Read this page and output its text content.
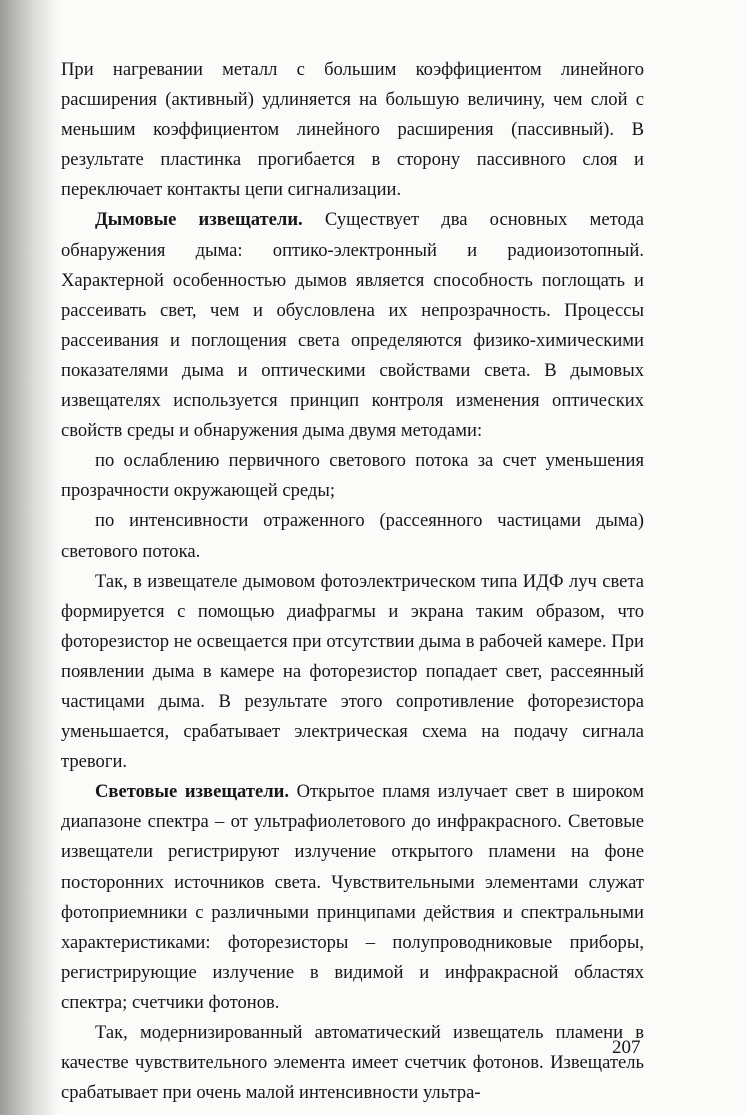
При нагревании металл с большим коэффициентом линейного расширения (активный) удлиняется на большую величину, чем слой с меньшим коэффициентом линейного расширения (пассивный). В результате пластинка прогибается в сторону пассивного слоя и переключает контакты цепи сигнализации.

Дымовые извещатели. Существует два основных метода обнаружения дыма: оптико-электронный и радиоизотопный. Характерной особенностью дымов является способность поглощать и рассеивать свет, чем и обусловлена их непрозрачность. Процессы рассеивания и поглощения света определяются физико-химическими показателями дыма и оптическими свойствами света. В дымовых извещателях используется принцип контроля изменения оптических свойств среды и обнаружения дыма двумя методами:

по ослаблению первичного светового потока за счет уменьшения прозрачности окружающей среды;

по интенсивности отраженного (рассеянного частицами дыма) светового потока.

Так, в извещателе дымовом фотоэлектрическом типа ИДФ луч света формируется с помощью диафрагмы и экрана таким образом, что фоторезистор не освещается при отсутствии дыма в рабочей камере. При появлении дыма в камере на фоторезистор попадает свет, рассеянный частицами дыма. В результате этого сопротивление фоторезистора уменьшается, срабатывает электрическая схема на подачу сигнала тревоги.

Световые извещатели. Открытое пламя излучает свет в широком диапазоне спектра – от ультрафиолетового до инфракрасного. Световые извещатели регистрируют излучение открытого пламени на фоне посторонних источников света. Чувствительными элементами служат фотоприемники с различными принципами действия и спектральными характеристиками: фоторезисторы – полупроводниковые приборы, регистрирующие излучение в видимой и инфракрасной областях спектра; счетчики фотонов.

Так, модернизированный автоматический извещатель пламени в качестве чувствительного элемента имеет счетчик фотонов. Извещатель срабатывает при очень малой интенсивности ультра-

207
